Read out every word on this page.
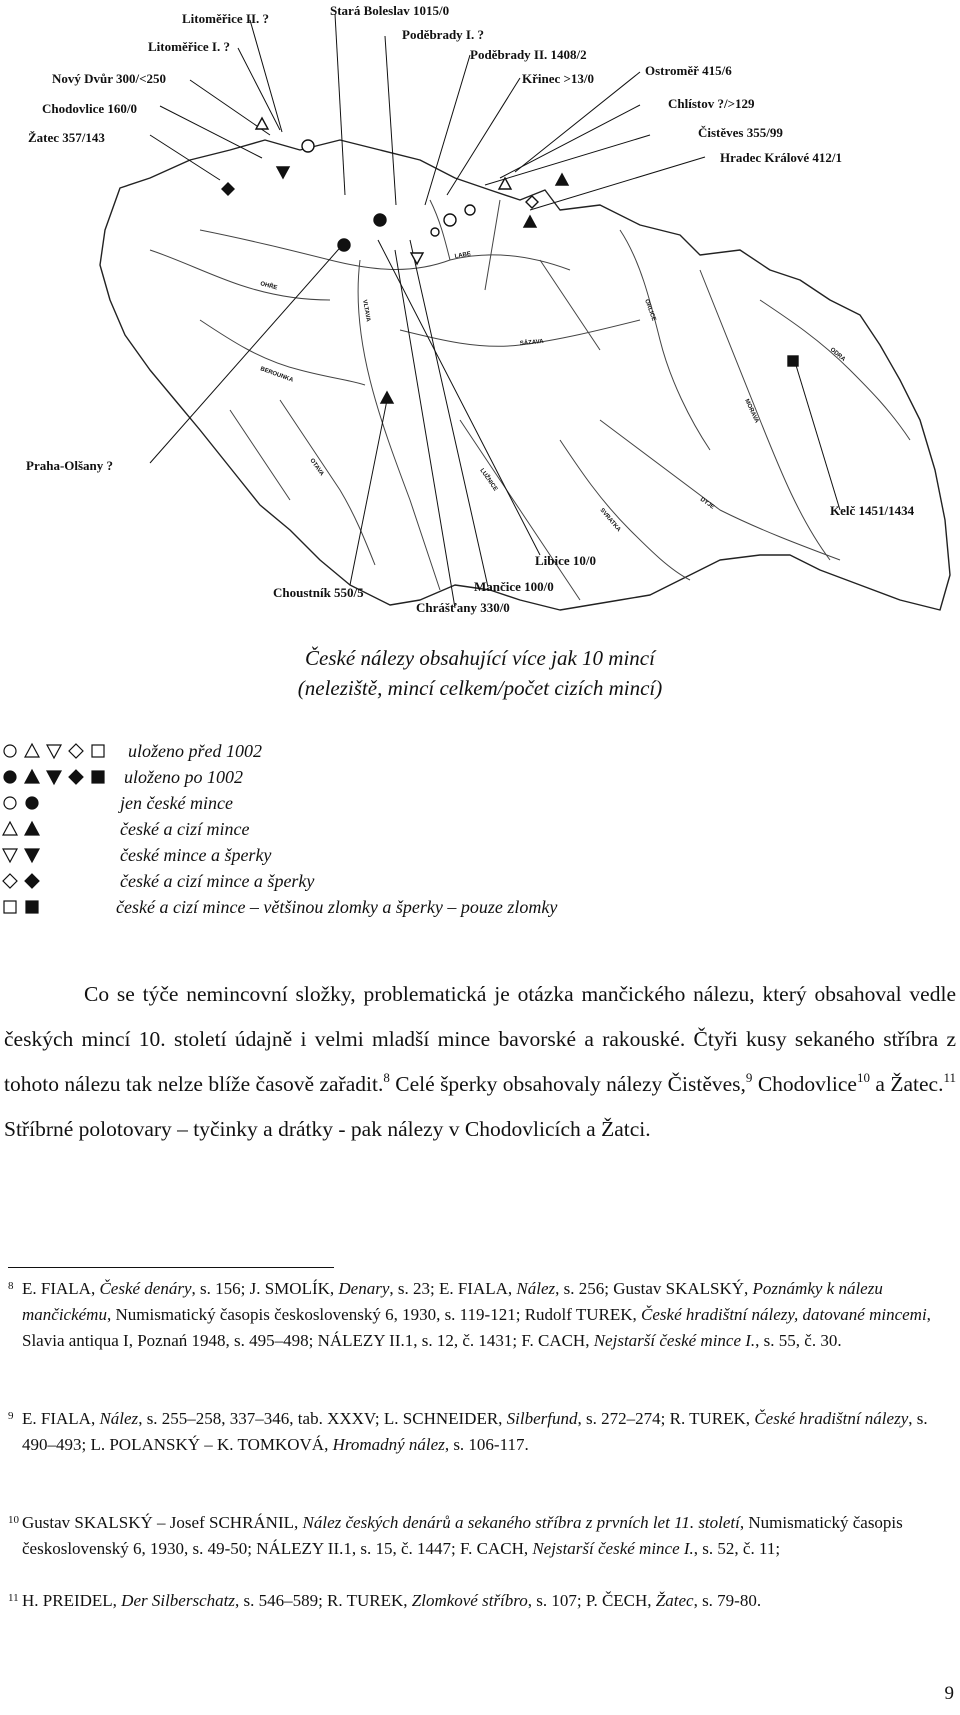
LABE
VLTAVA
OHŘE
SÁZAVA
MORAVA
DYJE
SVRATKA
OTAVA
BEROUNKA
ODRA
LUŽNICE
ORLICE
Litoměřice II. ?
Stará Boleslav 1015/0
Poděbrady I. ?
Litoměřice I. ?
Poděbrady II. 1408/2
Ostroměř 415/6
Nový Dvůr 300/<250	Křinec >13/0
Chlístov ?/>129
Chodovlice 160/0
Čistěves 355/99
Žatec 357/143
Hradec Králové 412/1
Praha-Olšany ?
Kelč 1451/1434
Libice 10/0
Choustník 550/5	Mančice 100/0
Chrášťany 330/0
České nálezy obsahující více jak 10 mincí
(neleziště, mincí celkem/počet cizích mincí)
uloženo před 1002
uloženo po 1002
jen české mince
české a cizí mince
české mince a šperky
české a cizí mince a šperky
české a cizí mince – většinou zlomky a šperky – pouze zlomky

Co se týče nemincovní složky, problematická je otázka mančického nálezu, který obsahoval vedle českých mincí 10. století údajně i velmi mladší mince bavorské a rakouské. Čtyři kusy sekaného stříbra z tohoto nálezu tak nelze blíže časově zařadit.$^8$ Celé šperky obsahovaly nálezy Čistěves,$^9$ Chodovlice$^{10}$ a Žatec.$^{11}$ Stříbrné polotovary – tyčinky a drátky - pak nálezy v Chodovlicích a Žatci.

8 E. FIALA, České denáry, s. 156; J. SMOLÍK, Denary, s. 23; E. FIALA, Nález, s. 256; Gustav SKALSKÝ, Poznámky k nálezu mančickému, Numismatický časopis československý 6, 1930, s. 119-121; Rudolf TUREK, České hradištní nálezy, datované mincemi, Slavia antiqua I, Poznań 1948, s. 495–498; NÁLEZY II.1, s. 12, č. 1431; F. CACH, Nejstarší české mince I., s. 55, č. 30.
9 E. FIALA, Nález, s. 255–258, 337–346, tab. XXXV; L. SCHNEIDER, Silberfund, s. 272–274; R. TUREK, České hradištní nálezy, s. 490–493; L. POLANSKÝ – K. TOMKOVÁ, Hromadný nález, s. 106-117.
10 Gustav SKALSKÝ – Josef SCHRÁNIL, Nález českých denárů a sekaného stříbra z prvních let 11. století, Numismatický časopis československý 6, 1930, s. 49-50; NÁLEZY II.1, s. 15, č. 1447; F. CACH, Nejstarší české mince I., s. 52, č. 11;
11 H. PREIDEL, Der Silberschatz, s. 546–589; R. TUREK, Zlomkové stříbro, s. 107; P. ČECH, Žatec, s. 79-80.
9
